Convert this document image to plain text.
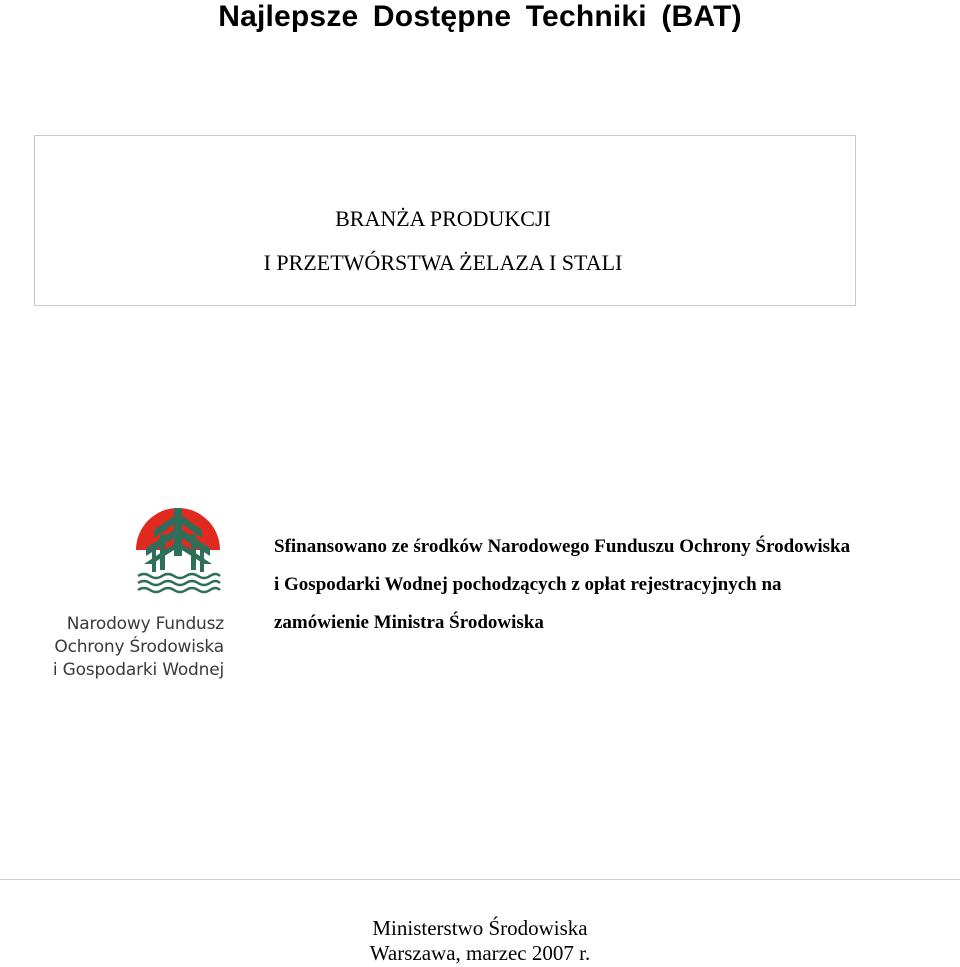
Najlepsze Dostępne Techniki (BAT)
BRANŻA PRODUKCJI
I PRZETWÓRSTWA ŻELAZA I STALI
Narodowy Fundusz
Ochrony Środowiska
i Gospodarki Wodnej
Sfinansowano ze środków Narodowego Funduszu Ochrony Środowiska
i Gospodarki Wodnej pochodzących z opłat rejestracyjnych na
zamówienie Ministra Środowiska
Ministerstwo Środowiska
Warszawa, marzec 2007 r.
